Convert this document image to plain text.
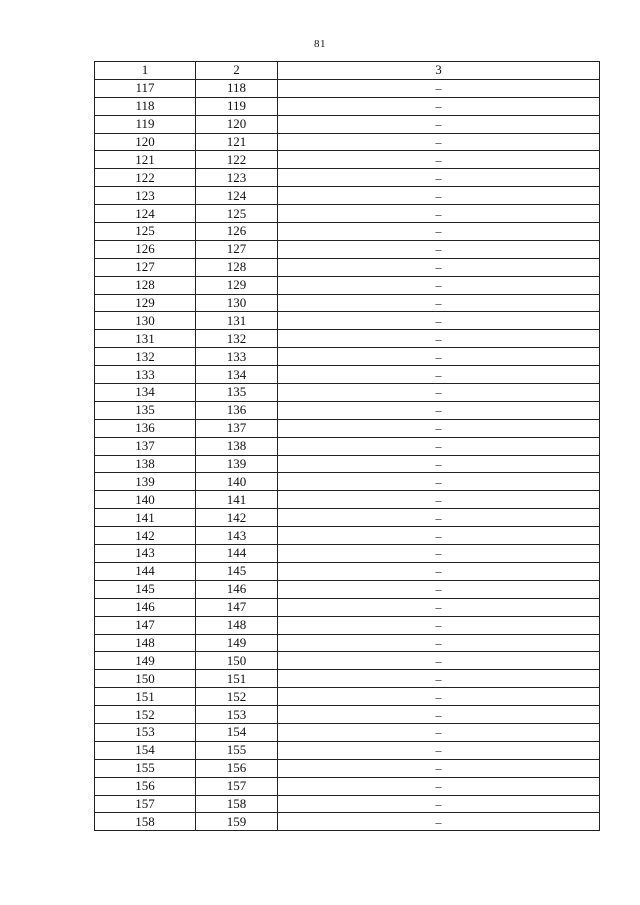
81
1	2	3
117	118	–
118	119	–
119	120	–
120	121	–
121	122	–
122	123	–
123	124	–
124	125	–
125	126	–
126	127	–
127	128	–
128	129	–
129	130	–
130	131	–
131	132	–
132	133	–
133	134	–
134	135	–
135	136	–
136	137	–
137	138	–
138	139	–
139	140	–
140	141	–
141	142	–
142	143	–
143	144	–
144	145	–
145	146	–
146	147	–
147	148	–
148	149	–
149	150	–
150	151	–
151	152	–
152	153	–
153	154	–
154	155	–
155	156	–
156	157	–
157	158	–
158	159	–
